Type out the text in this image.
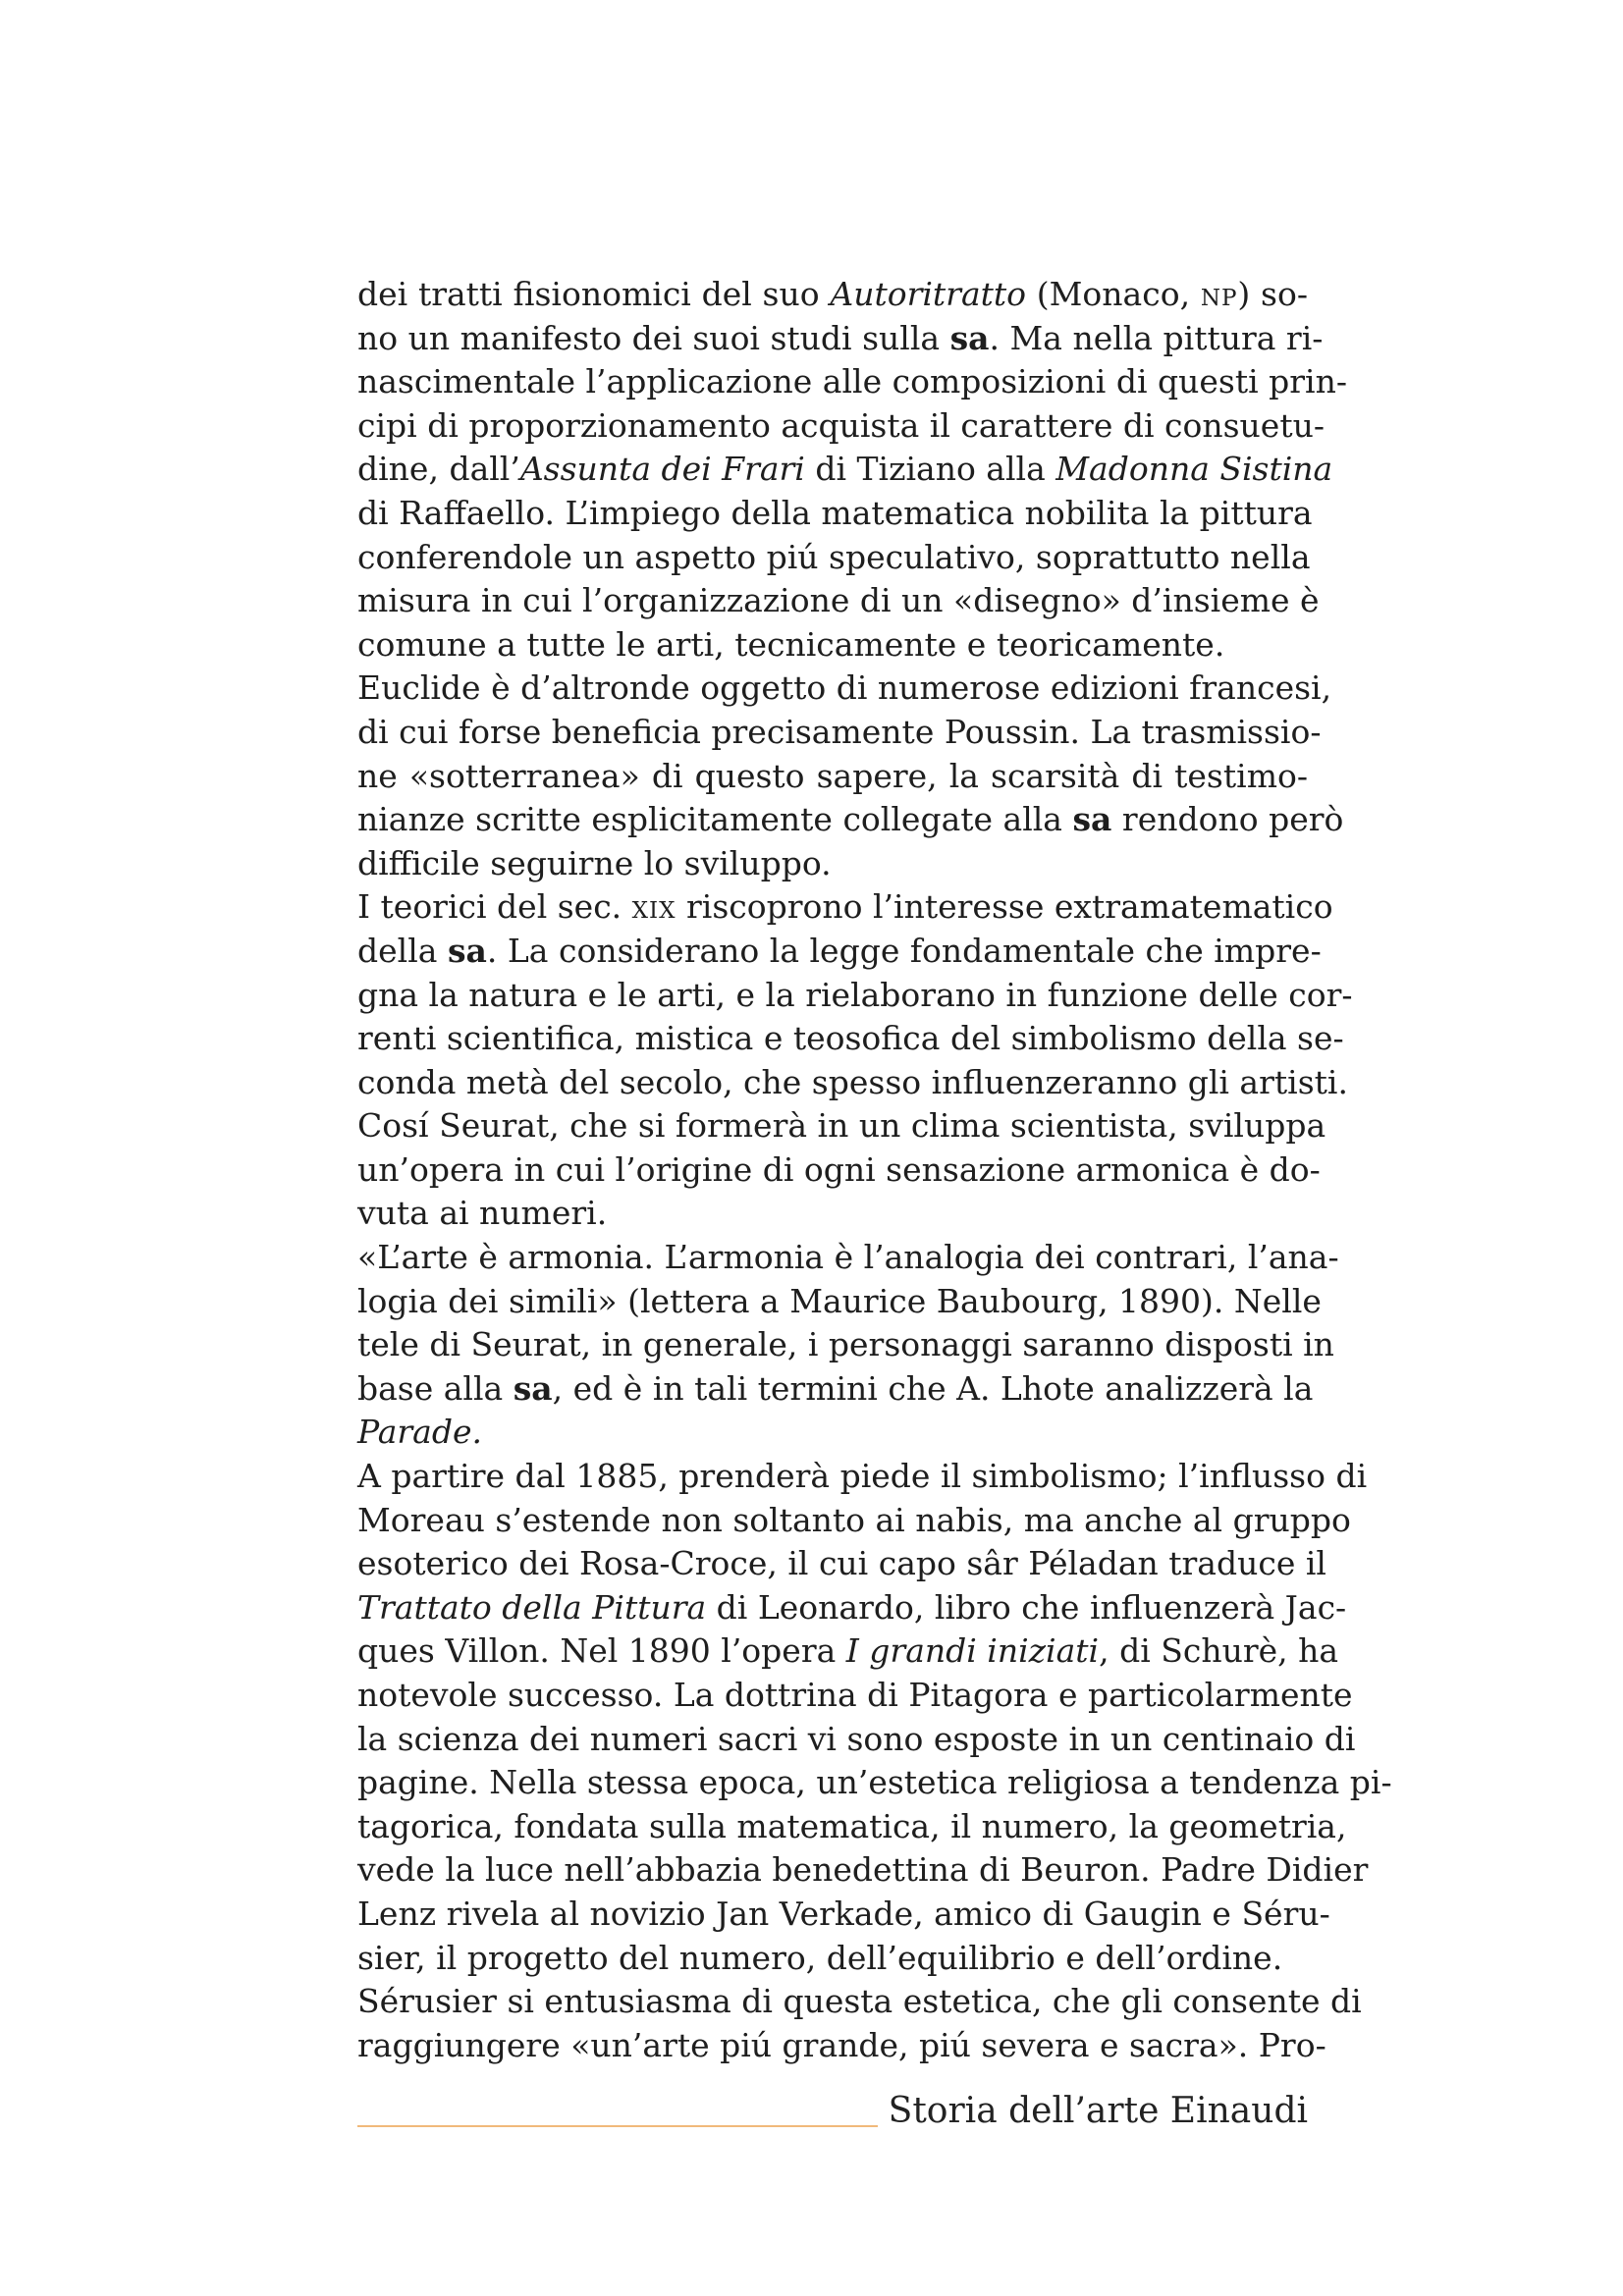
dei tratti fisionomici del suo Autoritratto (Monaco, np) so-
no un manifesto dei suoi studi sulla sa. Ma nella pittura ri-
nascimentale l’applicazione alle composizioni di questi prin-
cipi di proporzionamento acquista il carattere di consuetu-
dine, dall’Assunta dei Frari di Tiziano alla Madonna Sistina
di Raffaello. L’impiego della matematica nobilita la pittura
conferendole un aspetto piú speculativo, soprattutto nella
misura in cui l’organizzazione di un «disegno» d’insieme è
comune a tutte le arti, tecnicamente e teoricamente.
Euclide è d’altronde oggetto di numerose edizioni francesi,
di cui forse beneficia precisamente Poussin. La trasmissio-
ne «sotterranea» di questo sapere, la scarsità di testimo-
nianze scritte esplicitamente collegate alla sa rendono però
difficile seguirne lo sviluppo.
I teorici del sec. xix riscoprono l’interesse extramatematico
della sa. La considerano la legge fondamentale che impre-
gna la natura e le arti, e la rielaborano in funzione delle cor-
renti scientifica, mistica e teosofica del simbolismo della se-
conda metà del secolo, che spesso influenzeranno gli artisti.
Cosí Seurat, che si formerà in un clima scientista, sviluppa
un’opera in cui l’origine di ogni sensazione armonica è do-
vuta ai numeri.
«L’arte è armonia. L’armonia è l’analogia dei contrari, l’ana-
logia dei simili» (lettera a Maurice Baubourg, 1890). Nelle
tele di Seurat, in generale, i personaggi saranno disposti in
base alla sa, ed è in tali termini che A. Lhote analizzerà la
Parade.
A partire dal 1885, prenderà piede il simbolismo; l’influsso di
Moreau s’estende non soltanto ai nabis, ma anche al gruppo
esoterico dei Rosa-Croce, il cui capo sâr Péladan traduce il
Trattato della Pittura di Leonardo, libro che influenzerà Jac-
ques Villon. Nel 1890 l’opera I grandi iniziati, di Schurè, ha
notevole successo. La dottrina di Pitagora e particolarmente
la scienza dei numeri sacri vi sono esposte in un centinaio di
pagine. Nella stessa epoca, un’estetica religiosa a tendenza pi-
tagorica, fondata sulla matematica, il numero, la geometria,
vede la luce nell’abbazia benedettina di Beuron. Padre Didier
Lenz rivela al novizio Jan Verkade, amico di Gaugin e Séru-
sier, il progetto del numero, dell’equilibrio e dell’ordine.
Sérusier si entusiasma di questa estetica, che gli consente di
raggiungere «un’arte piú grande, piú severa e sacra». Pro-
Storia dell’arte Einaudi
